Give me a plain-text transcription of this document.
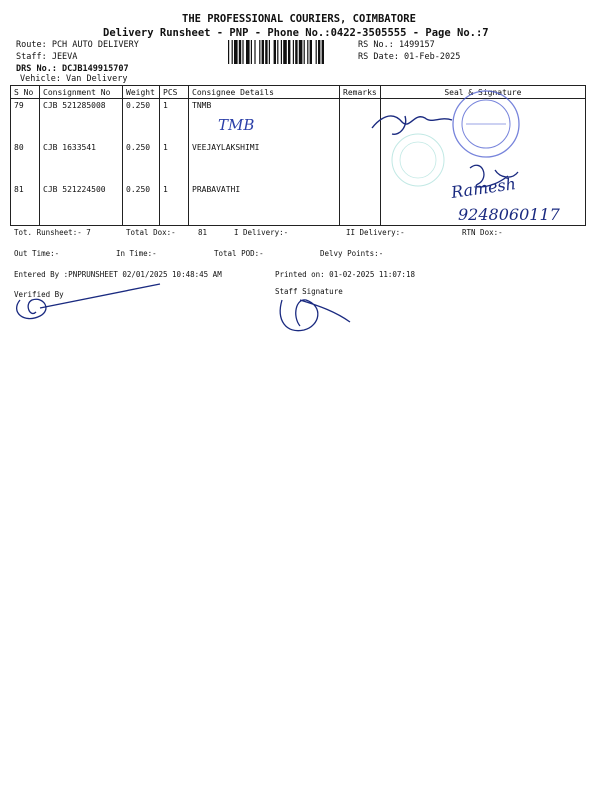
THE PROFESSIONAL COURIERS, COIMBATORE
Delivery Runsheet - PNP - Phone No.:0422-3505555 - Page No.:7
Route: PCH AUTO DELIVERY
Staff: JEEVA
DRS No.: DCJB149915707
Vehicle: Van Delivery
RS No.: 1499157
RS Date: 01-Feb-2025
S No	Consignment No	Weight	PCS	Consignee Details	Remarks	Seal & Signature
79	CJB 521285008	0.250	1	TNMB		
80	CJB 1633541	0.250	1	VEEJAYLAKSHIMI		
81	CJB 521224500	0.250	1	PRABAVATHI		
TMB
Ramesh
9248060117
Tot. Runsheet:- 7	Total Dox:-	81	I Delivery:-	II Delivery:-	RTN Dox:-
Out Time:-	In Time:-	Total POD:-	Delvy Points:-
Entered By :PNPRUNSHEET 02/01/2025 10:48:45 AM	Printed on: 01-02-2025 11:07:18
Verified By	Staff Signature
